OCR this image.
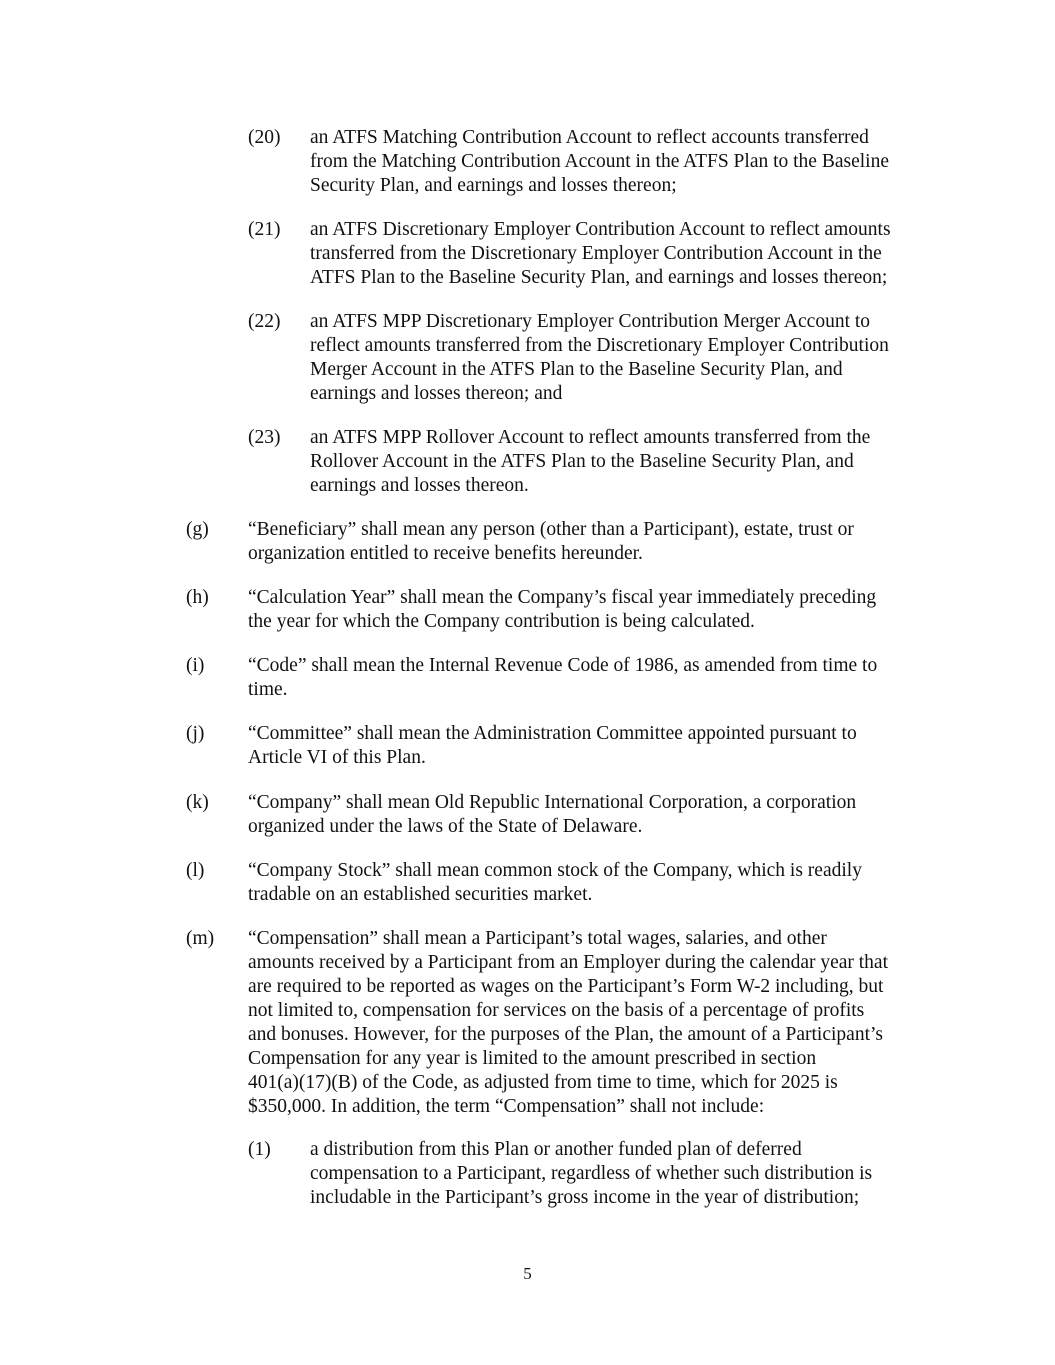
(20) an ATFS Matching Contribution Account to reflect accounts transferred
from the Matching Contribution Account in the ATFS Plan to the Baseline
Security Plan, and earnings and losses thereon;
(21) an ATFS Discretionary Employer Contribution Account to reflect amounts
transferred from the Discretionary Employer Contribution Account in the
ATFS Plan to the Baseline Security Plan, and earnings and losses thereon;
(22) an ATFS MPP Discretionary Employer Contribution Merger Account to
reflect amounts transferred from the Discretionary Employer Contribution
Merger Account in the ATFS Plan to the Baseline Security Plan, and
earnings and losses thereon; and
(23) an ATFS MPP Rollover Account to reflect amounts transferred from the
Rollover Account in the ATFS Plan to the Baseline Security Plan, and
earnings and losses thereon.
(g) “Beneficiary” shall mean any person (other than a Participant), estate, trust or
organization entitled to receive benefits hereunder.
(h) “Calculation Year” shall mean the Company’s fiscal year immediately preceding
the year for which the Company contribution is being calculated.
(i) “Code” shall mean the Internal Revenue Code of 1986, as amended from time to
time.
(j) “Committee” shall mean the Administration Committee appointed pursuant to
Article VI of this Plan.
(k) “Company” shall mean Old Republic International Corporation, a corporation
organized under the laws of the State of Delaware.
(l) “Company Stock” shall mean common stock of the Company, which is readily
tradable on an established securities market.
(m) “Compensation” shall mean a Participant’s total wages, salaries, and other
amounts received by a Participant from an Employer during the calendar year that
are required to be reported as wages on the Participant’s Form W-2 including, but
not limited to, compensation for services on the basis of a percentage of profits
and bonuses. However, for the purposes of the Plan, the amount of a Participant’s
Compensation for any year is limited to the amount prescribed in section
401(a)(17)(B) of the Code, as adjusted from time to time, which for 2025 is
$350,000. In addition, the term “Compensation” shall not include:
(1) a distribution from this Plan or another funded plan of deferred
compensation to a Participant, regardless of whether such distribution is
includable in the Participant’s gross income in the year of distribution;
5
